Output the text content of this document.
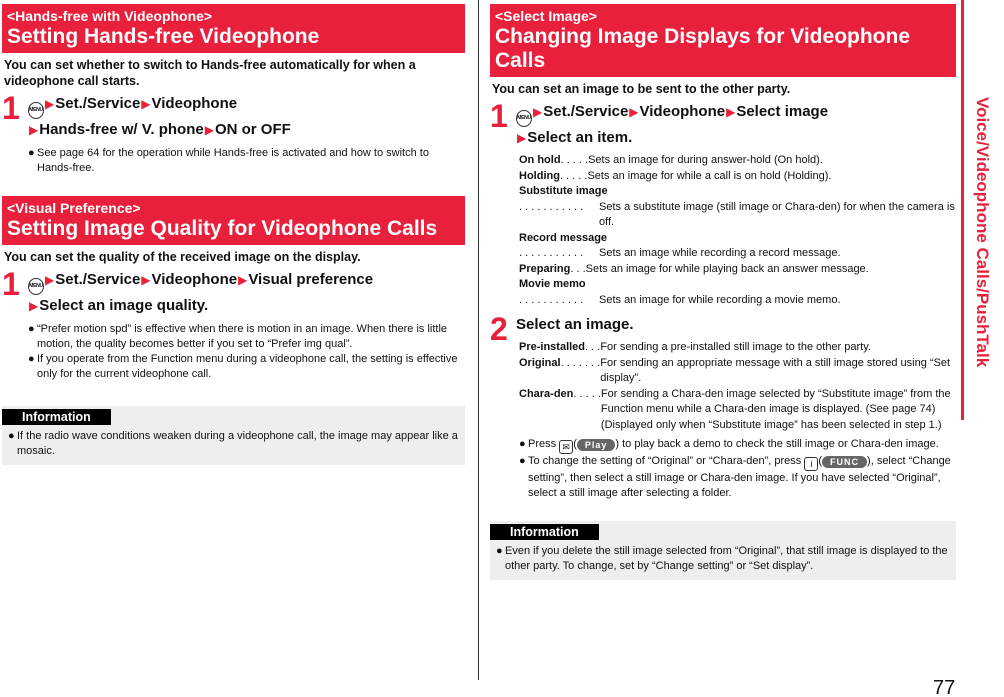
<Hands-free with Videophone>
Setting Hands-free Videophone
You can set whether to switch to Hands-free automatically for when a videophone call starts.
1 MENU ▶Set./Service▶Videophone
▶Hands-free w/ V. phone▶ON or OFF
● See page 64 for the operation while Hands-free is activated and how to switch to Hands-free.
<Visual Preference>
Setting Image Quality for Videophone Calls
You can set the quality of the received image on the display.
1 MENU ▶Set./Service▶Videophone▶Visual preference
▶Select an image quality.
● “Prefer motion spd” is effective when there is motion in an image. When there is little motion, the quality becomes better if you set to “Prefer img qual”.
● If you operate from the Function menu during a videophone call, the setting is effective only for the current videophone call.
Information
● If the radio wave conditions weaken during a videophone call, the image may appear like a mosaic.
<Select Image>
Changing Image Displays for Videophone Calls
You can set an image to be sent to the other party.
1 MENU ▶Set./Service▶Videophone▶Select image
▶Select an item.
On hold . . . . . Sets an image for during answer-hold (On hold).
Holding . . . . . Sets an image for while a call is on hold (Holding).
Substitute image
. . . . . . . . . . .	Sets a substitute image (still image or Chara-den) for when the camera is off.
Record message
. . . . . . . . . . .	Sets an image while recording a record message.
Preparing . . . Sets an image for while playing back an answer message.
Movie memo
. . . . . . . . . . .	Sets an image for while recording a movie memo.
2 Select an image.
Pre-installed . . . For sending a pre-installed still image to the other party.
Original . . . . . . . For sending an appropriate message with a still image stored using “Set display”.
Chara-den . . . . . For sending a Chara-den image selected by “Substitute image” from the Function menu while a Chara-den image is displayed. (See page 74)
(Displayed only when “Substitute image” has been selected in step 1.)
● Press ✉ ( Play ) to play back a demo to check the still image or Chara-den image.
● To change the setting of “Original” or “Chara-den”, press i ( FUNC ), select “Change setting”, then select a still image or Chara-den image. If you have selected “Original”, select a still image after selecting a folder.
Information
● Even if you delete the still image selected from “Original”, that still image is displayed to the other party. To change, set by “Change setting” or “Set display”.
Voice/Videophone Calls/PushTalk
77
